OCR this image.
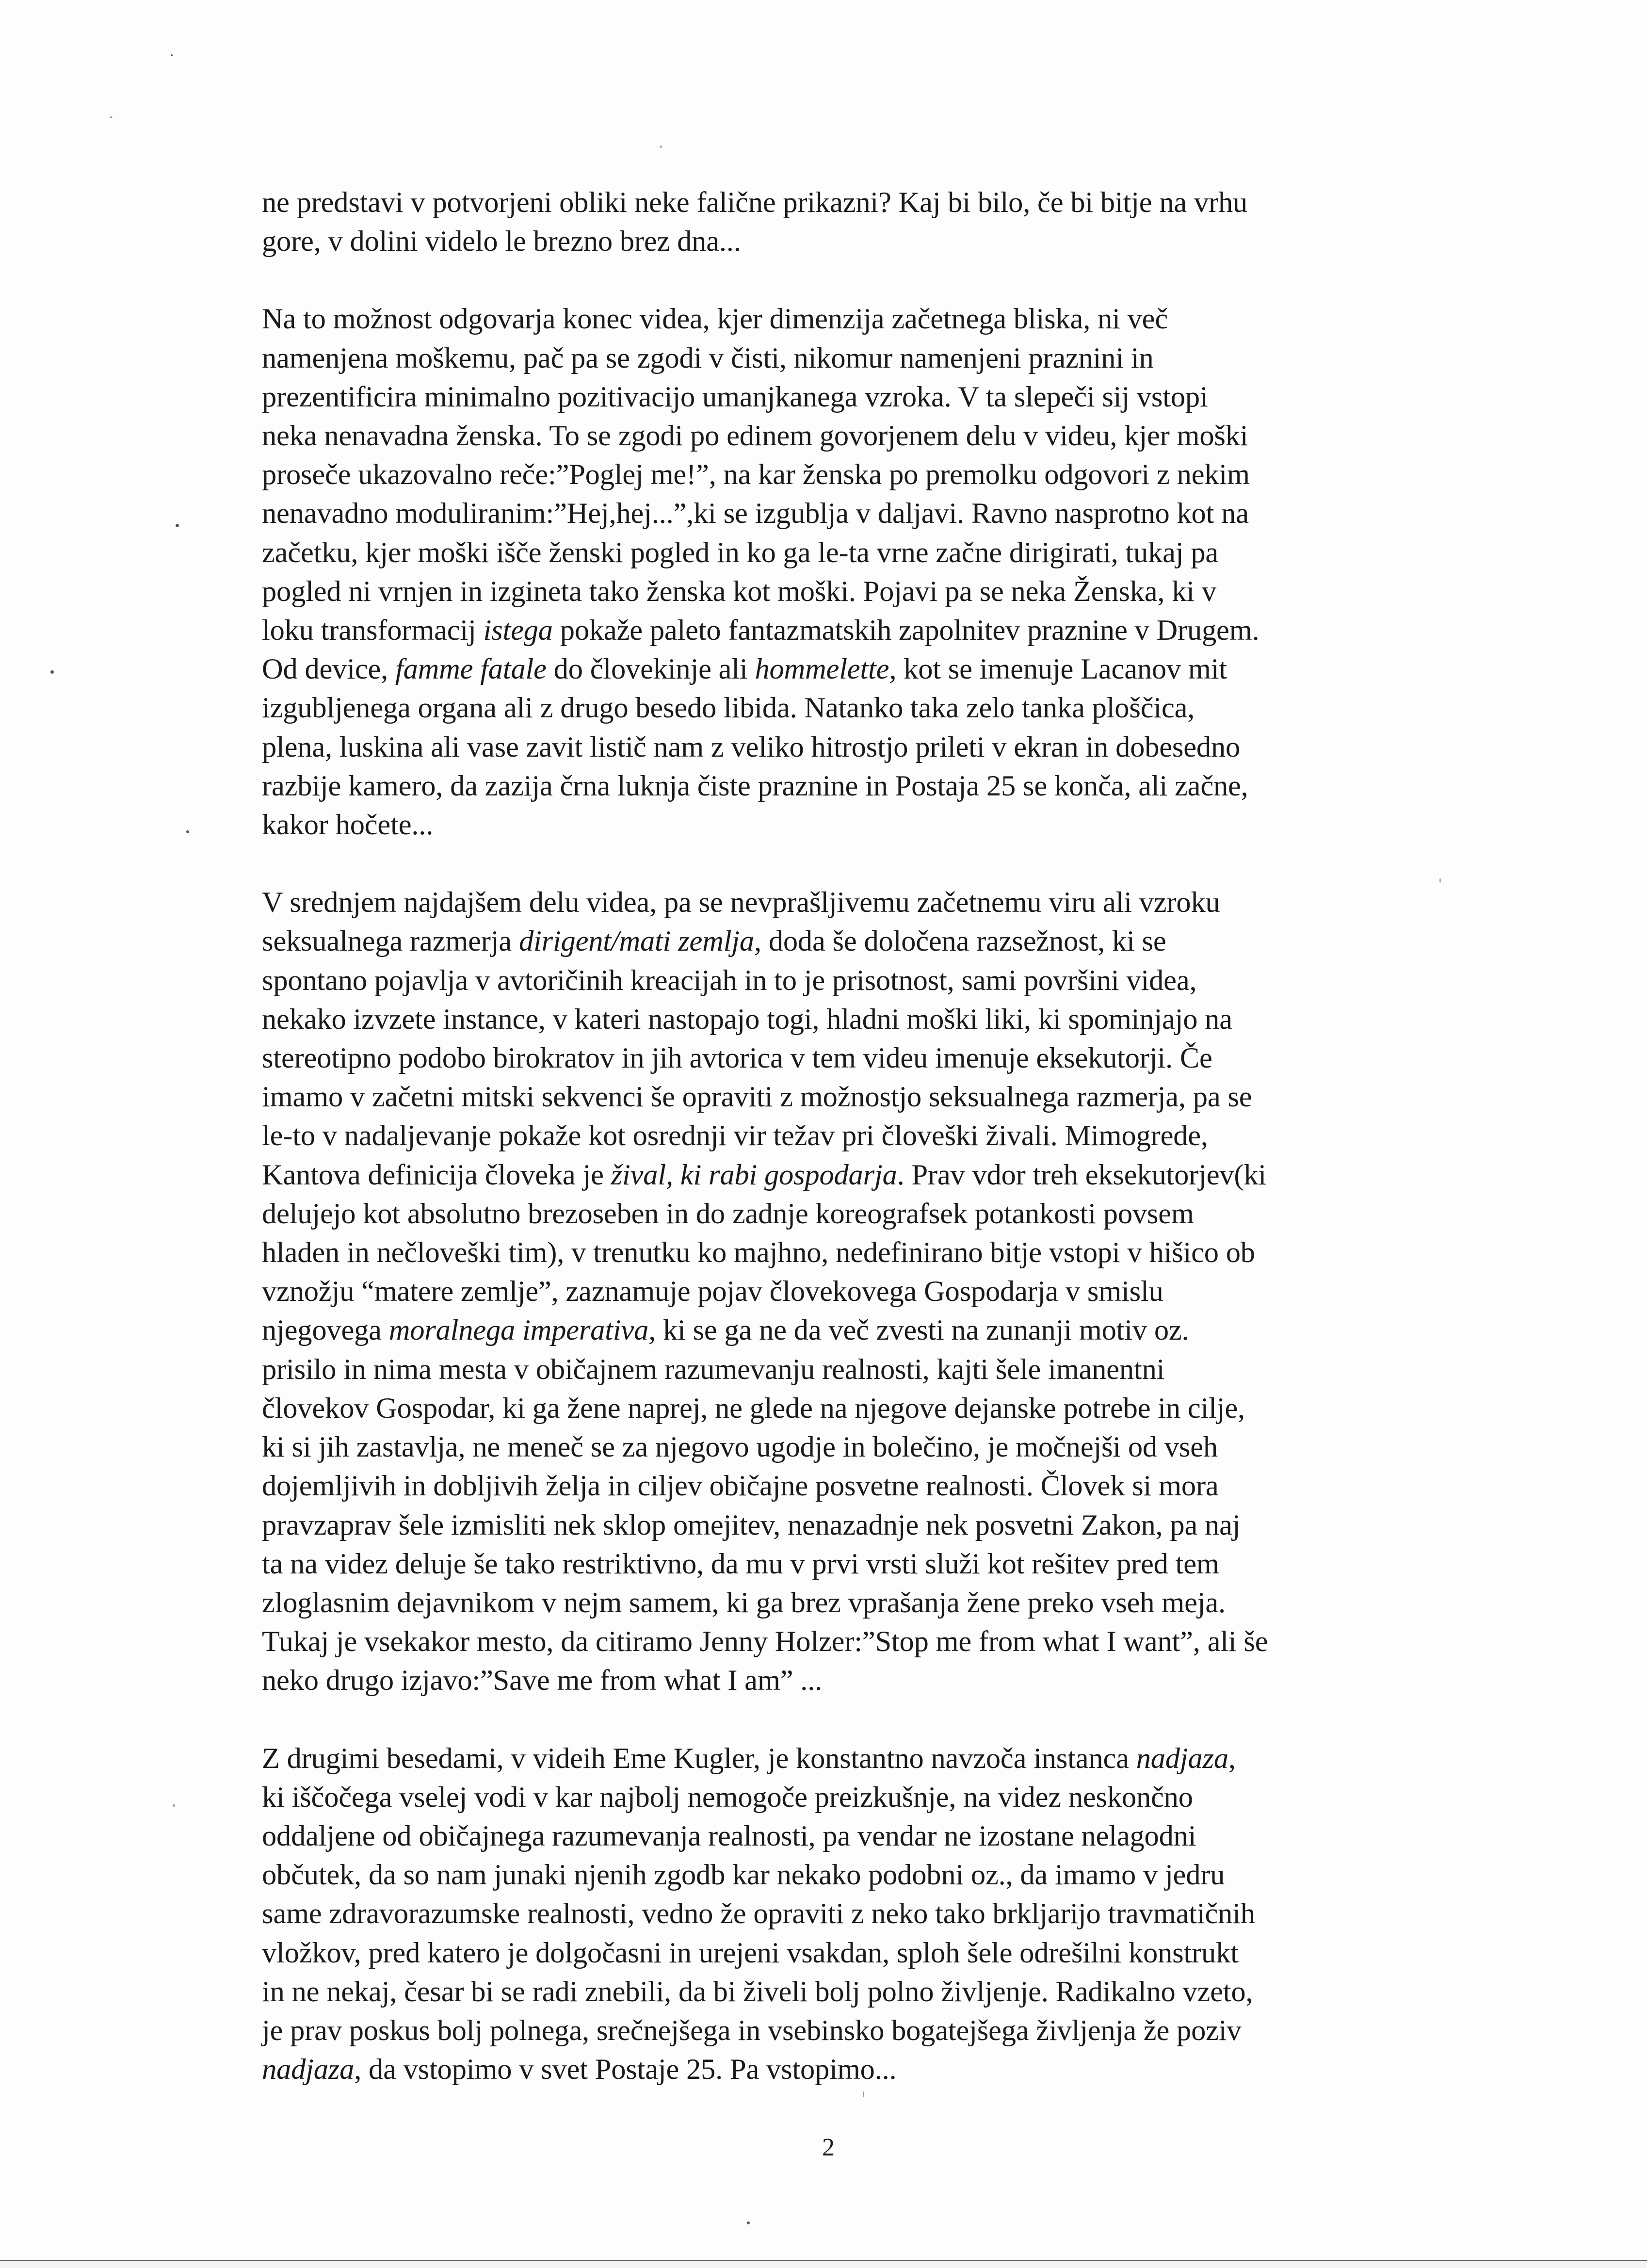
ne predstavi v potvorjeni obliki neke falične prikazni? Kaj bi bilo, če bi bitje na vrhu
gore, v dolini videlo le brezno brez dna...

Na to možnost odgovarja konec videa, kjer dimenzija začetnega bliska, ni več
namenjena moškemu, pač pa se zgodi v čisti, nikomur namenjeni praznini in
prezentificira minimalno pozitivacijo umanjkanega vzroka. V ta slepeči sij vstopi
neka nenavadna ženska. To se zgodi po edinem govorjenem delu v videu, kjer moški
proseče ukazovalno reče:”Poglej me!”, na kar ženska po premolku odgovori z nekim
nenavadno moduliranim:”Hej,hej...”,ki se izgublja v daljavi. Ravno nasprotno kot na
začetku, kjer moški išče ženski pogled in ko ga le-ta vrne začne dirigirati, tukaj pa
pogled ni vrnjen in izgineta tako ženska kot moški. Pojavi pa se neka Ženska, ki v
loku transformacij istega pokaže paleto fantazmatskih zapolnitev praznine v Drugem.
Od device, famme fatale do človekinje ali hommelette, kot se imenuje Lacanov mit
izgubljenega organa ali z drugo besedo libida. Natanko taka zelo tanka ploščica,
plena, luskina ali vase zavit listič nam z veliko hitrostjo prileti v ekran in dobesedno
razbije kamero, da zazija črna luknja čiste praznine in Postaja 25 se konča, ali začne,
kakor hočete...

V srednjem najdajšem delu videa, pa se nevprašljivemu začetnemu viru ali vzroku
seksualnega razmerja dirigent/mati zemlja, doda še določena razsežnost, ki se
spontano pojavlja v avtoričinih kreacijah in to je prisotnost, sami površini videa,
nekako izvzete instance, v kateri nastopajo togi, hladni moški liki, ki spominjajo na
stereotipno podobo birokratov in jih avtorica v tem videu imenuje eksekutorji. Če
imamo v začetni mitski sekvenci še opraviti z možnostjo seksualnega razmerja, pa se
le-to v nadaljevanje pokaže kot osrednji vir težav pri človeški živali. Mimogrede,
Kantova definicija človeka je žival, ki rabi gospodarja. Prav vdor treh eksekutorjev(ki
delujejo kot absolutno brezoseben in do zadnje koreografsek potankosti povsem
hladen in nečloveški tim), v trenutku ko majhno, nedefinirano bitje vstopi v hišico ob
vznožju “matere zemlje”, zaznamuje pojav človekovega Gospodarja v smislu
njegovega moralnega imperativa, ki se ga ne da več zvesti na zunanji motiv oz.
prisilo in nima mesta v običajnem razumevanju realnosti, kajti šele imanentni
človekov Gospodar, ki ga žene naprej, ne glede na njegove dejanske potrebe in cilje,
ki si jih zastavlja, ne meneč se za njegovo ugodje in bolečino, je močnejši od vseh
dojemljivih in dobljivih želja in ciljev običajne posvetne realnosti. Človek si mora
pravzaprav šele izmisliti nek sklop omejitev, nenazadnje nek posvetni Zakon, pa naj
ta na videz deluje še tako restriktivno, da mu v prvi vrsti služi kot rešitev pred tem
zloglasnim dejavnikom v nejm samem, ki ga brez vprašanja žene preko vseh meja.
Tukaj je vsekakor mesto, da citiramo Jenny Holzer:”Stop me from what I want”, ali še
neko drugo izjavo:”Save me from what I am” ...

Z drugimi besedami, v videih Eme Kugler, je konstantno navzoča instanca nadjaza,
ki iščočega vselej vodi v kar najbolj nemogoče preizkušnje, na videz neskončno
oddaljene od običajnega razumevanja realnosti, pa vendar ne izostane nelagodni
občutek, da so nam junaki njenih zgodb kar nekako podobni oz., da imamo v jedru
same zdravorazumske realnosti, vedno že opraviti z neko tako brkljarijo travmatičnih
vložkov, pred katero je dolgočasni in urejeni vsakdan, sploh šele odrešilni konstrukt
in ne nekaj, česar bi se radi znebili, da bi živeli bolj polno življenje. Radikalno vzeto,
je prav poskus bolj polnega, srečnejšega in vsebinsko bogatejšega življenja že poziv
nadjaza, da vstopimo v svet Postaje 25. Pa vstopimo...

2
